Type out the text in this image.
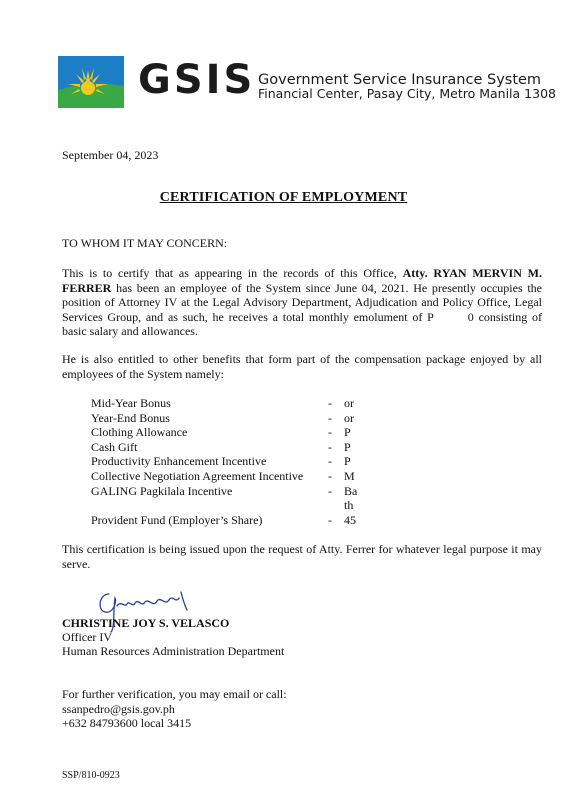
GSIS Government Service Insurance System
Financial Center, Pasay City, Metro Manila 1308
September 04, 2023
CERTIFICATION OF EMPLOYMENT
TO WHOM IT MAY CONCERN:
This is to certify that as appearing in the records of this Office, Atty. RYAN MERVIN M. FERRER has been an employee of the System since June 04, 2021. He presently occupies the position of Attorney IV at the Legal Advisory Department, Adjudication and Policy Office, Legal Services Group, and as such, he receives a total monthly emolument of P	0 consisting of basic salary and allowances.
He is also entitled to other benefits that form part of the compensation package enjoyed by all employees of the System namely:
Mid-Year Bonus	- or
Year-End Bonus	- or
Clothing Allowance	- P
Cash Gift	- P
Productivity Enhancement Incentive	- P
Collective Negotiation Agreement Incentive - M
GALING Pagkilala Incentive	- Ba
th
Provident Fund (Employer’s Share)	- 45
This certification is being issued upon the request of Atty. Ferrer for whatever legal purpose it may serve.
CHRISTINE JOY S. VELASCO
Officer IV
Human Resources Administration Department
For further verification, you may email or call:
ssanpedro@gsis.gov.ph
+632 84793600 local 3415
SSP/810-0923
